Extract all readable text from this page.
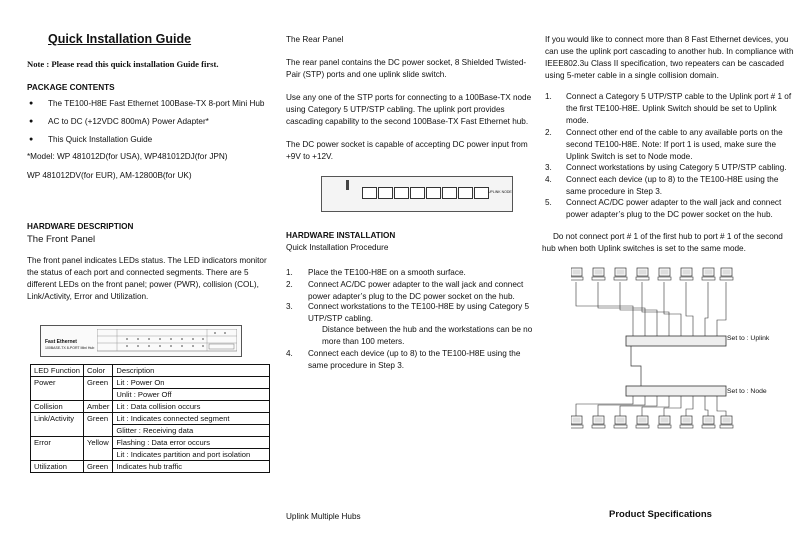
Quick Installation Guide
Note : Please read this quick installation Guide first.
PACKAGE CONTENTS
● The TE100-H8E Fast Ethernet 100Base-TX 8-port Mini Hub
● AC to DC (+12VDC 800mA) Power Adapter*
● This Quick Installation Guide
*Model: WP 481012D(for USA), WP481012DJ(for JPN)
WP 481012DV(for EUR), AM-12800B(for UK)
HARDWARE DESCRIPTION
The Front Panel
The front panel indicates LEDs status. The LED indicators monitor
the status of each port and connected segments. There are 5
different LEDs on the front panel; power (PWR), collision (COL),
Link/Activity, Error and Utilization.
Fast Ethernet
100BASE-TX 8-PORT Mini Hub
LED Function	Color	Description
Power	Green	Lit : Power On
		Unlit : Power Off
Collision	Amber	Lit : Data collision occurs
Link/Activity	Green	Lit : Indicates connected segment
		Glitter : Receiving data
Error	Yellow	Flashing : Data error occurs
		Lit : Indicates partition and port isolation
Utilization	Green	Indicates hub traffic
The Rear Panel
The rear panel contains the DC power socket, 8 Shielded Twisted-
Pair (STP) ports and one uplink slide switch.
Use any one of the STP ports for connecting to a 100Base-TX node
using Category 5 UTP/STP cabling. The uplink port provides
cascading capability to the second 100Base-TX Fast Ethernet hub.
The DC power socket is capable of accepting DC power input from
+9V to +12V.
UPLINK NODE
HARDWARE INSTALLATION
Quick Installation Procedure
1. Place the TE100-H8E on a smooth surface.
2. Connect AC/DC power adapter to the wall jack and connect
power adapter’s plug to the DC power socket on the hub.
3. Connect workstations to the TE100-H8E by using Category 5
UTP/STP cabling.
Distance between the hub and the workstations can be no
more than 100 meters.
4. Connect each device (up to 8) to the TE100-H8E using the
same procedure in Step 3.
Uplink Multiple Hubs
If you would like to connect more than 8 Fast Ethernet devices, you
can use the uplink port cascading to another hub. In compliance with
IEEE802.3u Class II specification, two repeaters can be cascaded
using 5-meter cable in a single collision domain.
1. Connect a Category 5 UTP/STP cable to the Uplink port # 1 of
the first TE100-H8E. Uplink Switch should be set to Uplink
mode.
2. Connect other end of the cable to any available ports on the
second TE100-H8E. Note: If port 1 is used, make sure the
Uplink Switch is set to Node mode.
3. Connect workstations by using Category 5 UTP/STP cabling.
4. Connect each device (up to 8) to the TE100-H8E using the
same procedure in Step 3.
5. Connect AC/DC power adapter to the wall jack and connect
power adapter’s plug to the DC power socket on the hub.
Do not connect port # 1 of the first hub to port # 1 of the second
hub when both Uplink switches is set to the same mode.
Set to : Uplink
Set to : Node
Product Specifications
